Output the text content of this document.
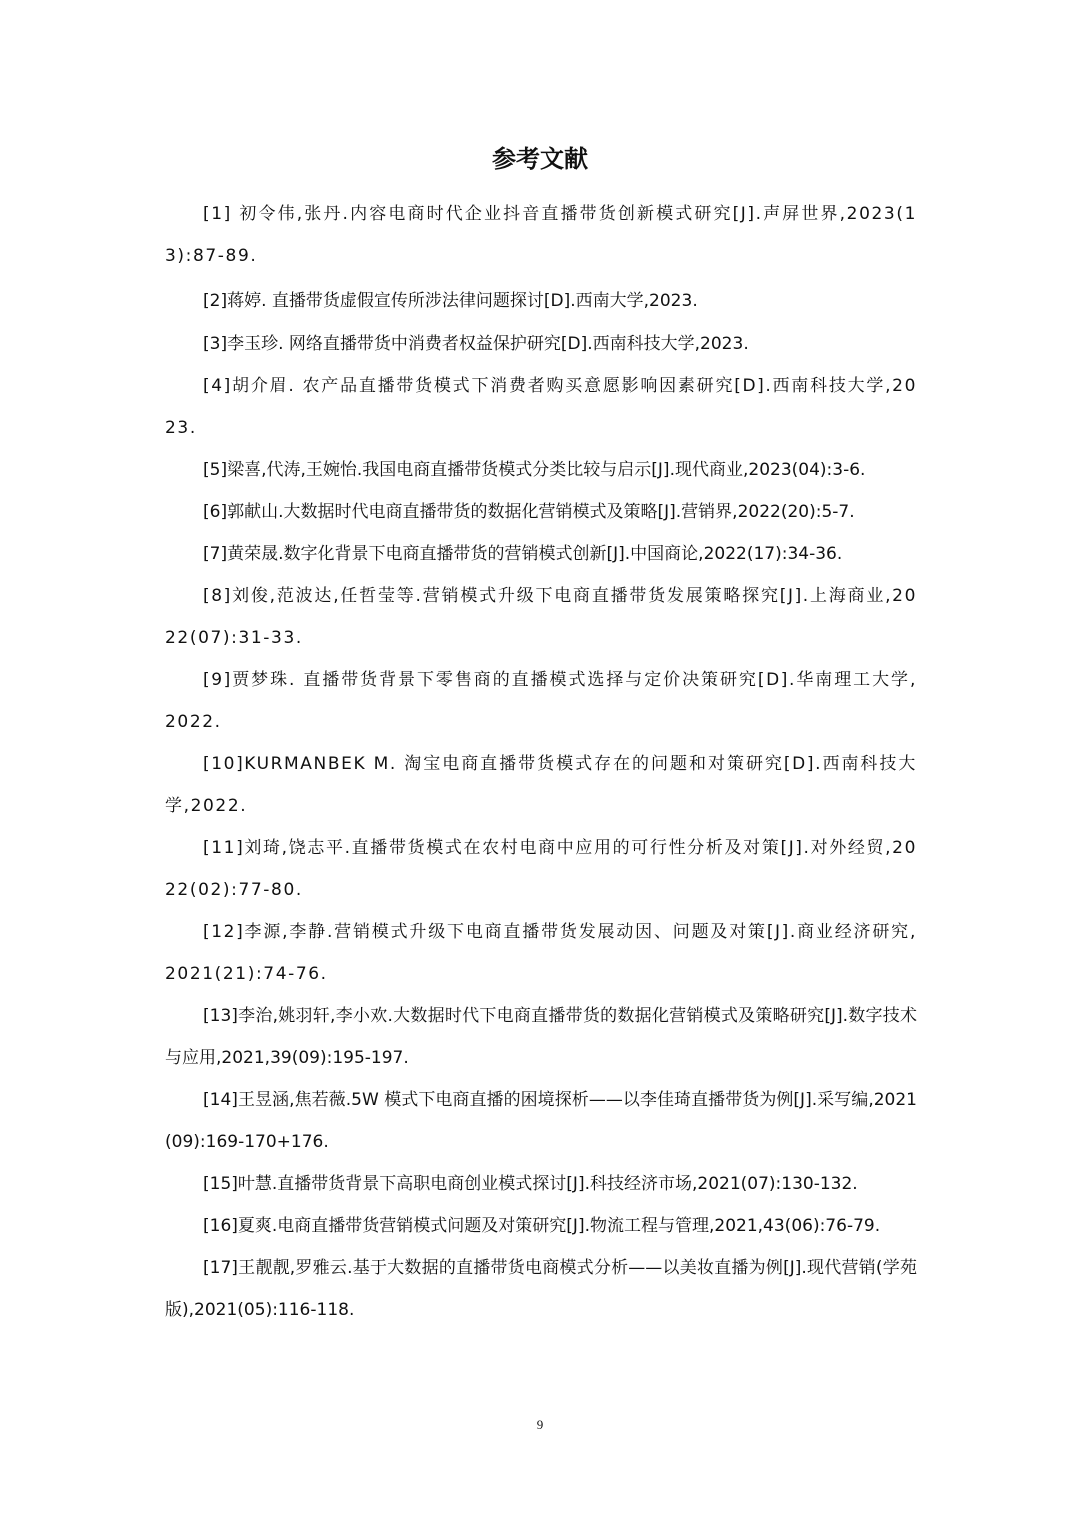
参考文献

[1] 初令伟,张丹.内容电商时代企业抖音直播带货创新模式研究[J].声屏世界,2023(13):87-89.

[2]蒋婷. 直播带货虚假宣传所涉法律问题探讨[D].西南大学,2023.

[3]李玉珍. 网络直播带货中消费者权益保护研究[D].西南科技大学,2023.

[4]胡介眉. 农产品直播带货模式下消费者购买意愿影响因素研究[D].西南科技大学,2023.

[5]梁喜,代涛,王婉怡.我国电商直播带货模式分类比较与启示[J].现代商业,2023(04):3-6.

[6]郭献山.大数据时代电商直播带货的数据化营销模式及策略[J].营销界,2022(20):5-7.

[7]黄荣晟.数字化背景下电商直播带货的营销模式创新[J].中国商论,2022(17):34-36.

[8]刘俊,范波达,任哲莹等.营销模式升级下电商直播带货发展策略探究[J].上海商业,2022(07):31-33.

[9]贾梦珠. 直播带货背景下零售商的直播模式选择与定价决策研究[D].华南理工大学,2022.

[10]KURMANBEK M. 淘宝电商直播带货模式存在的问题和对策研究[D].西南科技大学,2022.

[11]刘琦,饶志平.直播带货模式在农村电商中应用的可行性分析及对策[J].对外经贸,2022(02):77-80.

[12]李源,李静.营销模式升级下电商直播带货发展动因、问题及对策[J].商业经济研究,2021(21):74-76.

[13]李治,姚羽轩,李小欢.大数据时代下电商直播带货的数据化营销模式及策略研究[J].数字技术与应用,2021,39(09):195-197.

[14]王昱涵,焦若薇.5W 模式下电商直播的困境探析——以李佳琦直播带货为例[J].采写编,2021(09):169-170+176.

[15]叶慧.直播带货背景下高职电商创业模式探讨[J].科技经济市场,2021(07):130-132.

[16]夏爽.电商直播带货营销模式问题及对策研究[J].物流工程与管理,2021,43(06):76-79.

[17]王靓靓,罗雅云.基于大数据的直播带货电商模式分析——以美妆直播为例[J].现代营销(学苑版),2021(05):116-118.

9
